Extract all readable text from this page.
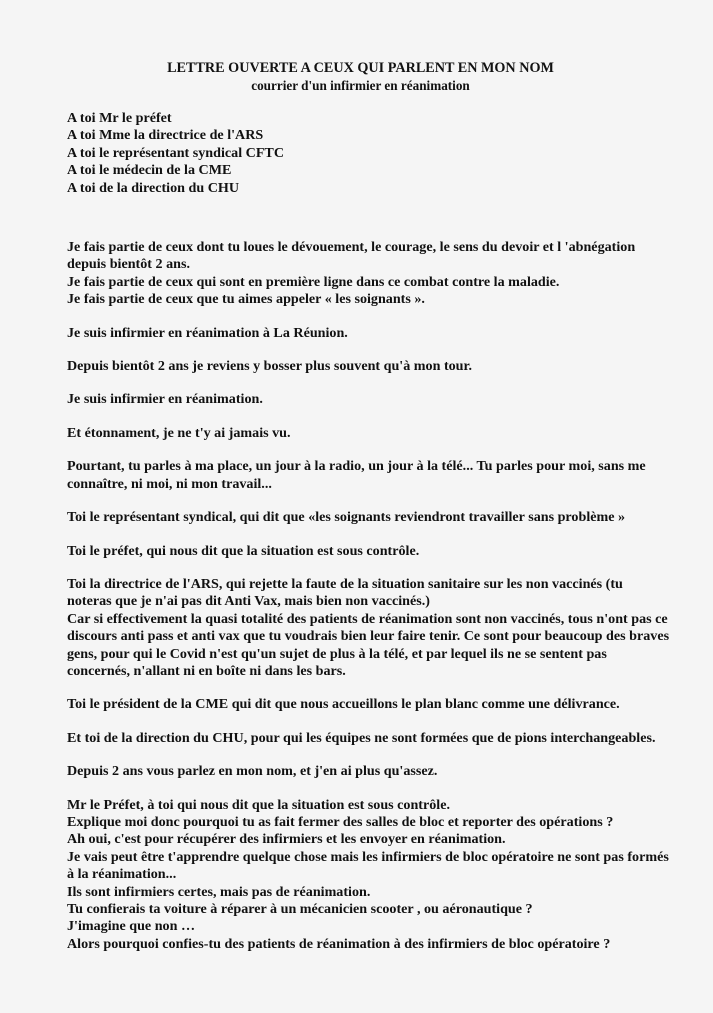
LETTRE OUVERTE A CEUX QUI PARLENT EN MON NOM
courrier d'un infirmier en réanimation
A toi Mr le préfet
A toi Mme la directrice de l'ARS
A toi le représentant syndical CFTC
A toi le médecin de la CME
A toi de la direction du CHU
Je fais partie de ceux dont tu loues le dévouement, le courage, le sens du devoir et l 'abnégation
depuis bientôt 2 ans.
Je fais partie de ceux qui sont en première ligne dans ce combat contre la maladie.
Je fais partie de ceux que tu aimes appeler « les soignants ».
Je suis infirmier en réanimation à La Réunion.
Depuis bientôt 2 ans je reviens y bosser plus souvent qu'à mon tour.
Je suis infirmier en réanimation.
Et étonnament, je ne t'y ai jamais vu.
Pourtant, tu parles à ma place, un jour à la radio, un jour à la télé... Tu parles pour moi, sans me
connaître, ni moi, ni mon travail...
Toi le représentant syndical, qui dit que «les soignants reviendront travailler sans problème »
Toi le préfet, qui nous dit que la situation est sous contrôle.
Toi la directrice de l'ARS, qui rejette la faute de la situation sanitaire sur les non vaccinés (tu
noteras que je n'ai pas dit Anti Vax, mais bien non vaccinés.)
Car si effectivement la quasi totalité des patients de réanimation sont non vaccinés, tous n'ont pas ce
discours anti pass et anti vax que tu voudrais bien leur faire tenir. Ce sont pour beaucoup des braves
gens, pour qui le Covid n'est qu'un sujet de plus à la télé, et par lequel ils ne se sentent pas
concernés, n'allant ni en boîte ni dans les bars.
Toi le président de la CME qui dit que nous accueillons le plan blanc comme une délivrance.
Et toi de la direction du CHU, pour qui les équipes ne sont formées que de pions interchangeables.
Depuis 2 ans vous parlez en mon nom, et j'en ai plus qu'assez.
Mr le Préfet, à toi qui nous dit que la situation est sous contrôle.
Explique moi donc pourquoi tu as fait fermer des salles de bloc et reporter des opérations ?
Ah oui, c'est pour récupérer des infirmiers et les envoyer en réanimation.
Je vais peut être t'apprendre quelque chose mais les infirmiers de bloc opératoire ne sont pas formés
à la réanimation...
Ils sont infirmiers certes, mais pas de réanimation.
Tu confierais ta voiture à réparer à un mécanicien scooter , ou aéronautique ?
J'imagine que non …
Alors pourquoi confies-tu des patients de réanimation à des infirmiers de bloc opératoire ?
